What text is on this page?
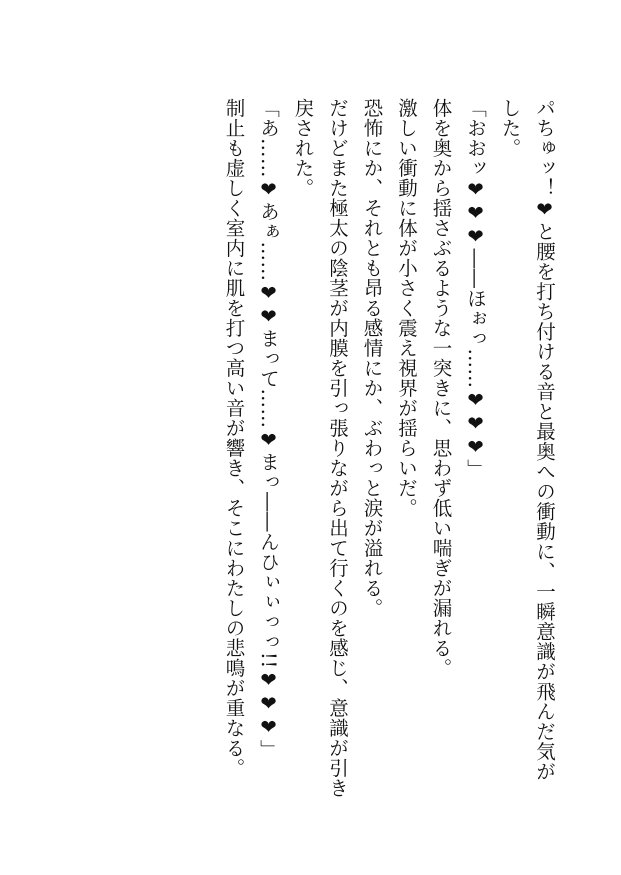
パちゅッ！❤と腰を打ち付ける音と最奥への衝動に、一瞬意識が飛んだ気がした。

「おおッ❤❤❤――ほぉっ……❤❤❤」

体を奥から揺さぶるような一突きに、思わず低い喘ぎが漏れる。

激しい衝動に体が小さく震え視界が揺らいだ。

恐怖にか、それとも昂る感情にか、ぶわっと涙が溢れる。

だけどまた極太の陰茎が内膜を引っ張りながら出て行くのを感じ、意識が引き戻された。

「あ……❤あぁ……❤❤まって……❤まっ――んひぃぃっっ!!❤❤❤」

制止も虚しく室内に肌を打つ高い音が響き、そこにわたしの悲鳴が重なる。
